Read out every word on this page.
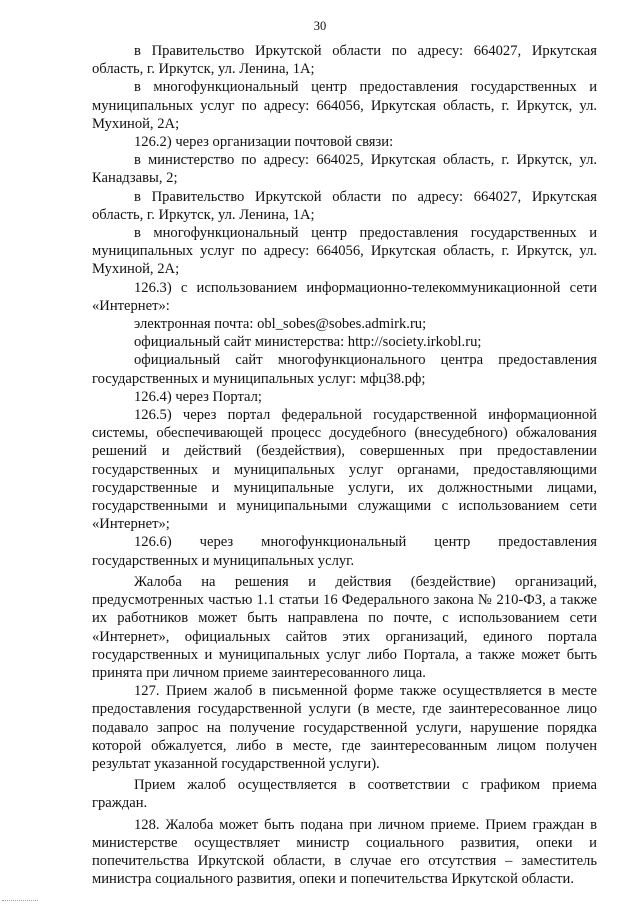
30

в Правительство Иркутской области по адресу: 664027, Иркутская область, г. Иркутск, ул. Ленина, 1А;

в многофункциональный центр предоставления государственных и муниципальных услуг по адресу: 664056, Иркутская область, г. Иркутск, ул. Мухиной, 2А;

126.2) через организации почтовой связи:

в министерство по адресу: 664025, Иркутская область, г. Иркутск, ул. Канадзавы, 2;

в Правительство Иркутской области по адресу: 664027, Иркутская область, г. Иркутск, ул. Ленина, 1А;

в многофункциональный центр предоставления государственных и муниципальных услуг по адресу: 664056, Иркутская область, г. Иркутск, ул. Мухиной, 2А;

126.3) с использованием информационно-телекоммуникационной сети «Интернет»:

электронная почта: obl_sobes@sobes.admirk.ru;

официальный сайт министерства: http://society.irkobl.ru;

официальный сайт многофункционального центра предоставления государственных и муниципальных услуг: мфц38.рф;

126.4) через Портал;

126.5) через портал федеральной государственной информационной системы, обеспечивающей процесс досудебного (внесудебного) обжалования решений и действий (бездействия), совершенных при предоставлении государственных и муниципальных услуг органами, предоставляющими государственные и муниципальные услуги, их должностными лицами, государственными и муниципальными служащими с использованием сети «Интернет»;

126.6) через многофункциональный центр предоставления государственных и муниципальных услуг.

Жалоба на решения и действия (бездействие) организаций, предусмотренных частью 1.1 статьи 16 Федерального закона № 210-ФЗ, а также их работников может быть направлена по почте, с использованием сети «Интернет», официальных сайтов этих организаций, единого портала государственных и муниципальных услуг либо Портала, а также может быть принята при личном приеме заинтересованного лица.

127. Прием жалоб в письменной форме также осуществляется в месте предоставления государственной услуги (в месте, где заинтересованное лицо подавало запрос на получение государственной услуги, нарушение порядка которой обжалуется, либо в месте, где заинтересованным лицом получен результат указанной государственной услуги).

Прием жалоб осуществляется в соответствии с графиком приема граждан.

128. Жалоба может быть подана при личном приеме. Прием граждан в министерстве осуществляет министр социального развития, опеки и попечительства Иркутской области, в случае его отсутствия – заместитель министра социального развития, опеки и попечительства Иркутской области.
